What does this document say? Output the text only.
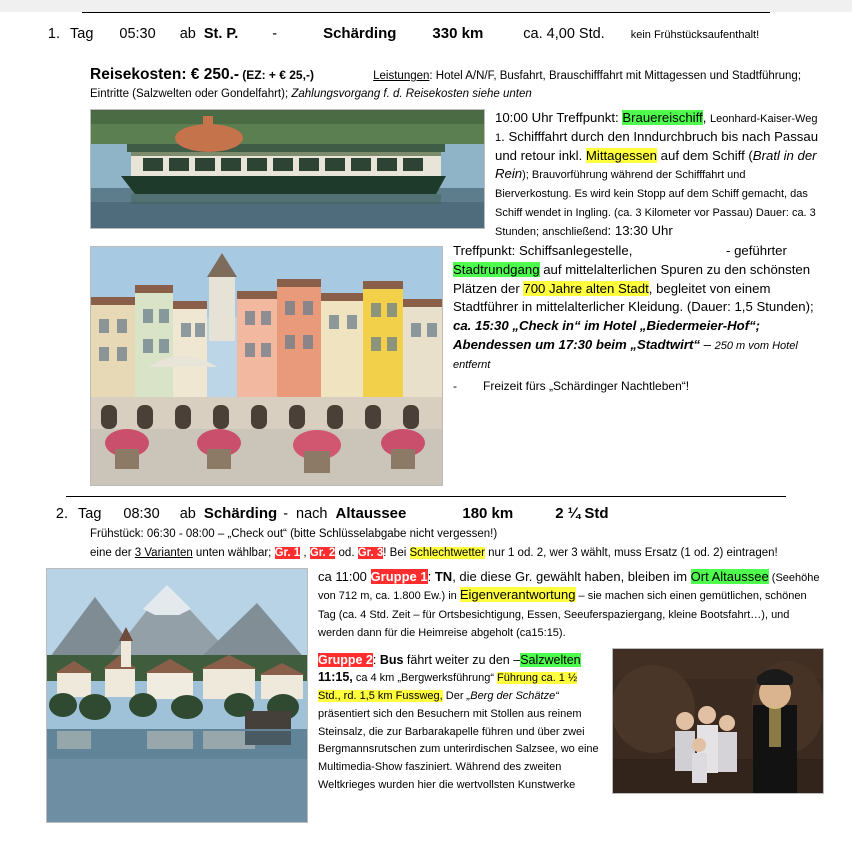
1. Tag 05:30 ab St. P. -	Schärding 330 km	ca. 4,00 Std. kein Frühstücksaufenthalt!
Reisekosten: € 250.- (EZ: + € 25,-)	Leistungen: Hotel A/N/F, Busfahrt, Brauschifffahrt mit Mittagessen und Stadtführung; Eintritte (Salzwelten oder Gondelfahrt); Zahlungsvorgang f. d. Reisekosten siehe unten
10:00 Uhr Treffpunkt: Brauereischiff, Leonhard-Kaiser-Weg 1. Schifffahrt durch den Inndurchbruch bis nach Passau und retour inkl. Mittagessen auf dem Schiff (Bratl in der Rein); Brauvorführung während der Schifffahrt und Bierverkostung. Es wird kein Stopp auf dem Schiff gemacht, das Schiff wendet in Ingling. (ca. 3 Kilometer vor Passau) Dauer: ca. 3 Stunden; anschließend: 13:30 Uhr
Treffpunkt: Schiffsanlegestelle,	- geführter Stadtrundgang auf mittelalterlichen Spuren zu den schönsten Plätzen der 700 Jahre alten Stadt, begleitet von einem Stadtführer in mittelalterlicher Kleidung. (Dauer: 1,5 Stunden); ca. 15:30 „Check in“ im Hotel „Biedermeier-Hof“; Abendessen um 17:30 beim „Stadtwirt“ – 250 m vom Hotel entfernt
- Freizeit fürs „Schärdinger Nachtleben“!
2. Tag 08:30 ab Schärding - nach Altaussee	180 km	2 ¼ Std
Frühstück: 06:30 - 08:00 – „Check out“ (bitte Schlüsselabgabe nicht vergessen!)
eine der 3 Varianten unten wählbar; Gr. 1 , Gr. 2 od. Gr. 3! Bei Schlechtwetter nur 1 od. 2, wer 3 wählt, muss Ersatz (1 od. 2) eintragen!
ca 11:00 Gruppe 1: TN, die diese Gr. gewählt haben, bleiben im Ort Altaussee (Seehöhe von 712 m, ca. 1.800 Ew.) in Eigenverantwortung – sie machen sich einen gemütlichen, schönen Tag (ca. 4 Std. Zeit – für Ortsbesichtigung, Essen, Seeuferspaziergang, kleine Bootsfahrt…), und werden dann für die Heimreise abgeholt (ca15:15).
Gruppe 2: Bus fährt weiter zu den –Salzwelten 11:15, ca 4 km „Bergwerksführung“ Führung ca. 1 ½ Std., rd. 1,5 km Fussweg, Der „Berg der Schätze“ präsentiert sich den Besuchern mit Stollen aus reinem Steinsalz, die zur Barbarakapelle führen und über zwei Bergmannsrutschen zum unterirdischen Salzsee, wo eine Multimedia-Show fasziniert. Während des zweiten Weltkrieges wurden hier die wertvollsten Kunstwerke
